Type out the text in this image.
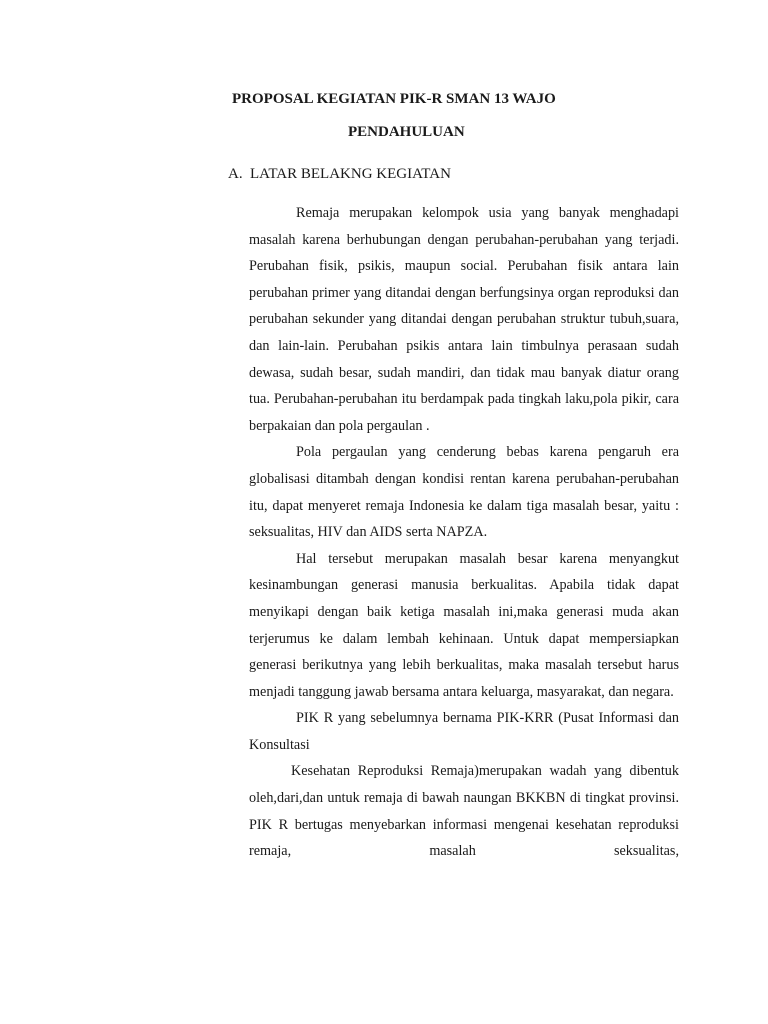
PROPOSAL KEGIATAN PIK-R SMAN 13 WAJO
PENDAHULUAN
A. LATAR BELAKNG KEGIATAN

Remaja merupakan kelompok usia yang banyak menghadapi masalah karena berhubungan dengan perubahan-perubahan yang terjadi. Perubahan fisik, psikis, maupun social. Perubahan fisik antara lain perubahan primer yang ditandai dengan berfungsinya organ reproduksi dan perubahan sekunder yang ditandai dengan perubahan struktur tubuh,suara, dan lain-lain. Perubahan psikis antara lain timbulnya perasaan sudah dewasa, sudah besar, sudah mandiri, dan tidak mau banyak diatur orang tua. Perubahan-perubahan itu berdampak pada tingkah laku,pola pikir, cara berpakaian dan pola pergaulan .

Pola pergaulan yang cenderung bebas karena pengaruh era globalisasi ditambah dengan kondisi rentan karena perubahan-perubahan itu, dapat menyeret remaja Indonesia ke dalam tiga masalah besar, yaitu : seksualitas, HIV dan AIDS serta NAPZA.

Hal tersebut merupakan masalah besar karena menyangkut kesinambungan generasi manusia berkualitas. Apabila tidak dapat menyikapi dengan baik ketiga masalah ini,maka generasi muda akan terjerumus ke dalam lembah kehinaan. Untuk dapat mempersiapkan generasi berikutnya yang lebih berkualitas, maka masalah tersebut harus menjadi tanggung jawab bersama antara keluarga, masyarakat, dan negara.

PIK R yang sebelumnya bernama PIK-KRR (Pusat Informasi dan Konsultasi

Kesehatan Reproduksi Remaja)merupakan wadah yang dibentuk oleh,dari,dan untuk remaja di bawah naungan BKKBN di tingkat provinsi. PIK R bertugas menyebarkan informasi mengenai kesehatan reproduksi remaja, masalah seksualitas,
